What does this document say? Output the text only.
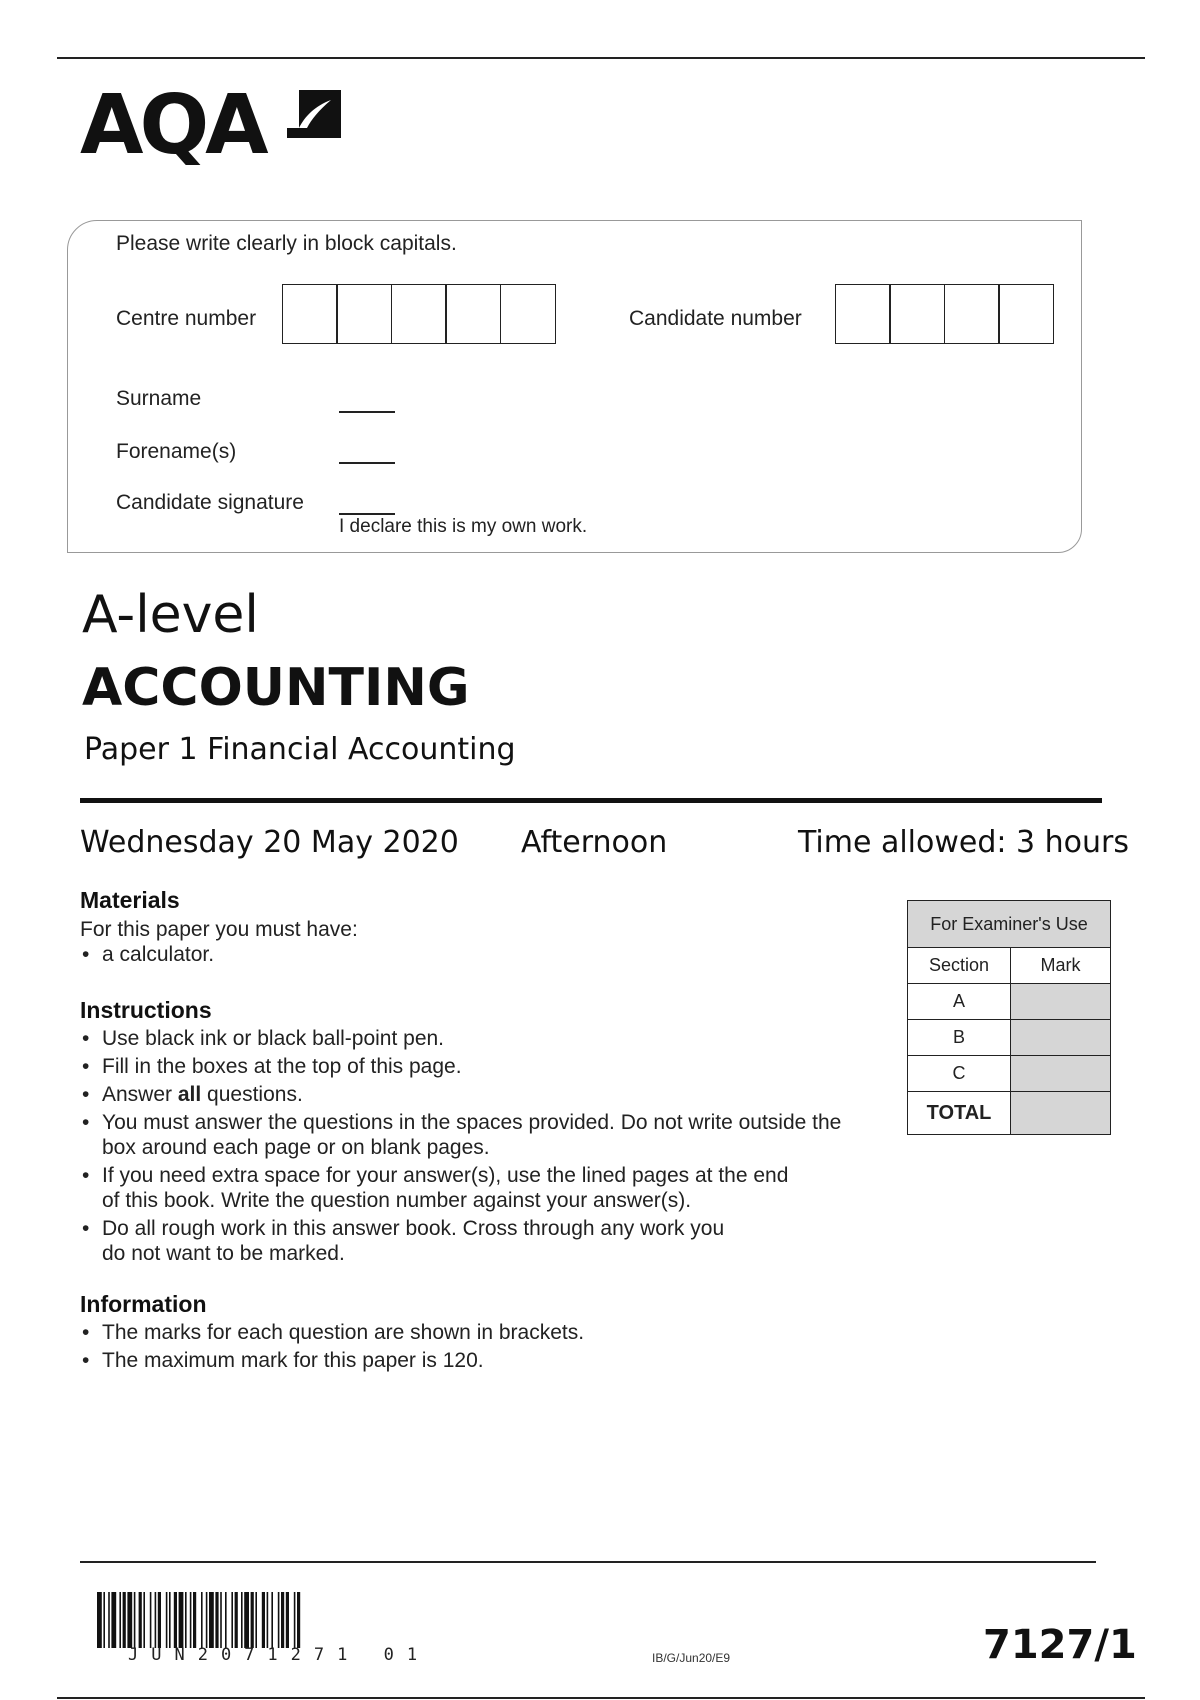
AQA
Please write clearly in block capitals.
Centre number	Candidate number
Surname
Forename(s)
Candidate signature
I declare this is my own work.
A-level
ACCOUNTING
Paper 1 Financial Accounting
Wednesday 20 May 2020 Afternoon	Time allowed: 3 hours
Materials
For this paper you must have:
• a calculator.
Instructions
• Use black ink or black ball-point pen.
• Fill in the boxes at the top of this page.
• Answer all questions.
• You must answer the questions in the spaces provided. Do not write outside the box around each page or on blank pages.
• If you need extra space for your answer(s), use the lined pages at the end of this book. Write the question number against your answer(s).
• Do all rough work in this answer book. Cross through any work you do not want to be marked.
Information
• The marks for each question are shown in brackets.
• The maximum mark for this paper is 120.
For Examiner's Use	
Section	Mark
A	
B	
C	
TOTAL	
JUN2071271 01	IB/G/Jun20/E9	7127/1
